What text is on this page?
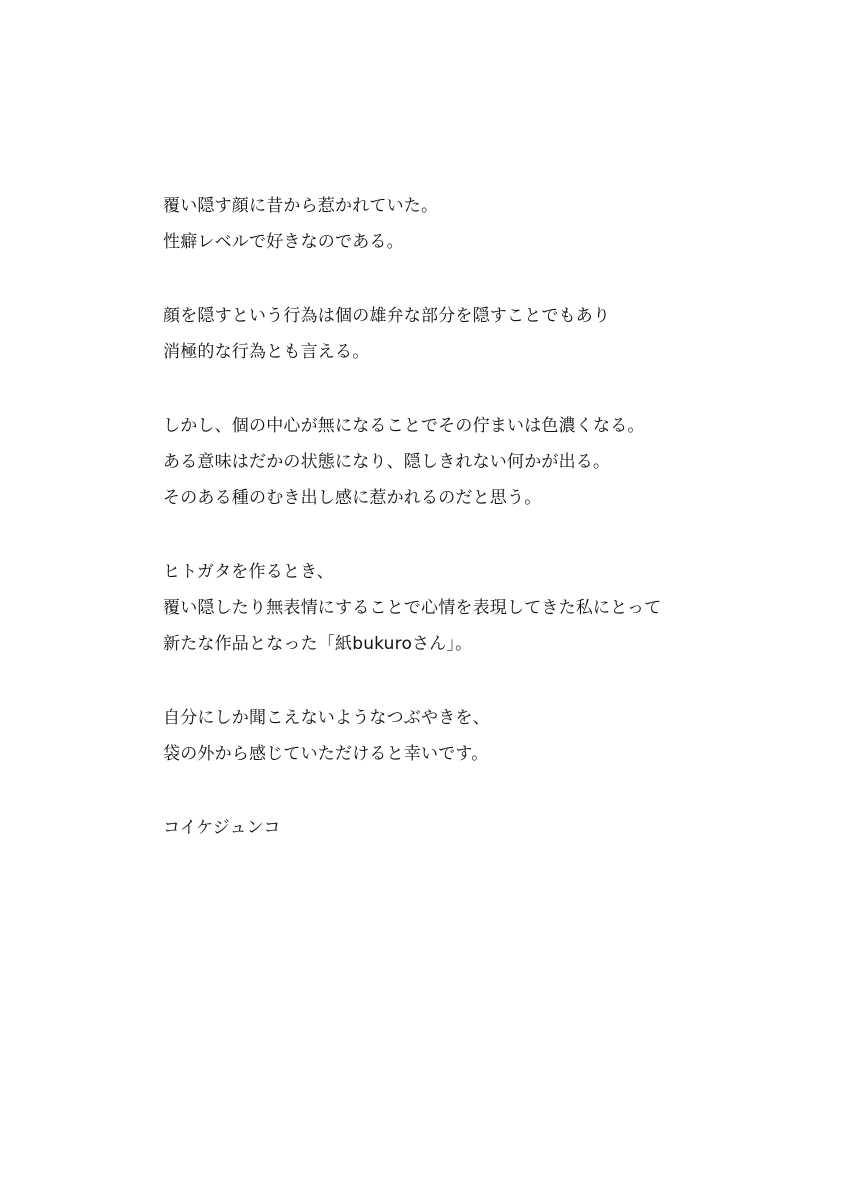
覆い隠す顔に昔から惹かれていた。
性癖レベルで好きなのである。
顔を隠すという行為は個の雄弁な部分を隠すことでもあり
消極的な行為とも言える。
しかし、個の中心が無になることでその佇まいは色濃くなる。
ある意味はだかの状態になり、隠しきれない何かが出る。
そのある種のむき出し感に惹かれるのだと思う。
ヒトガタを作るとき、
覆い隠したり無表情にすることで心情を表現してきた私にとって
新たな作品となった「紙bukuroさん」。
自分にしか聞こえないようなつぶやきを、
袋の外から感じていただけると幸いです。
コイケジュンコ
